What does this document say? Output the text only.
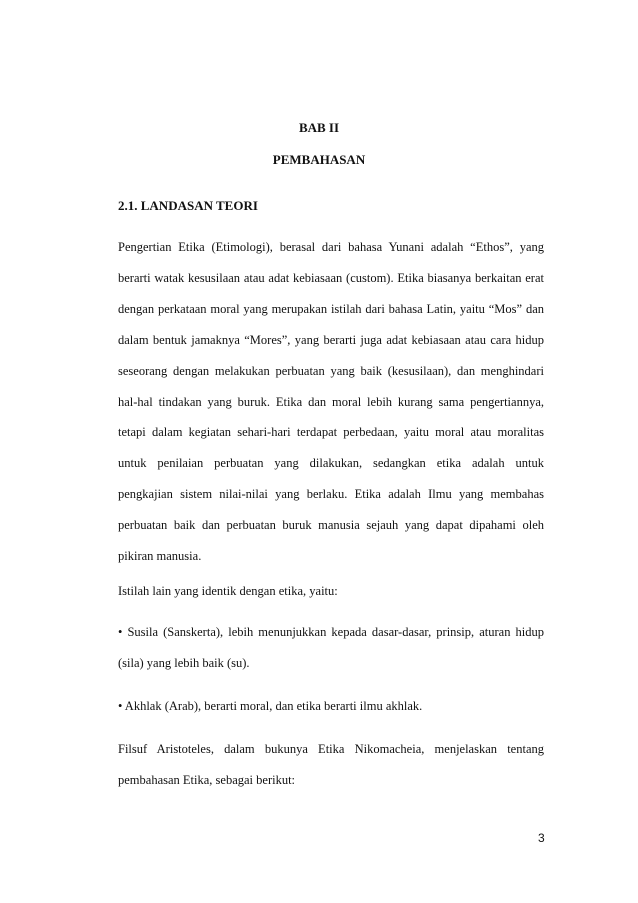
BAB II
PEMBAHASAN
2.1. LANDASAN TEORI
Pengertian Etika (Etimologi), berasal dari bahasa Yunani adalah “Ethos”, yang
berarti watak kesusilaan atau adat kebiasaan (custom). Etika biasanya berkaitan erat
dengan perkataan moral yang merupakan istilah dari bahasa Latin, yaitu “Mos” dan
dalam bentuk jamaknya “Mores”, yang berarti juga adat kebiasaan atau cara hidup
seseorang dengan melakukan perbuatan yang baik (kesusilaan), dan menghindari
hal-hal tindakan yang buruk. Etika dan moral lebih kurang sama pengertiannya,
tetapi dalam kegiatan sehari-hari terdapat perbedaan, yaitu moral atau moralitas
untuk penilaian perbuatan yang dilakukan, sedangkan etika adalah untuk
pengkajian sistem nilai-nilai yang berlaku. Etika adalah Ilmu yang membahas
perbuatan baik dan perbuatan buruk manusia sejauh yang dapat dipahami oleh
pikiran manusia.
Istilah lain yang identik dengan etika, yaitu:
• Susila (Sanskerta), lebih menunjukkan kepada dasar-dasar, prinsip, aturan hidup
(sila) yang lebih baik (su).
• Akhlak (Arab), berarti moral, dan etika berarti ilmu akhlak.
Filsuf Aristoteles, dalam bukunya Etika Nikomacheia, menjelaskan tentang
pembahasan Etika, sebagai berikut:
3
